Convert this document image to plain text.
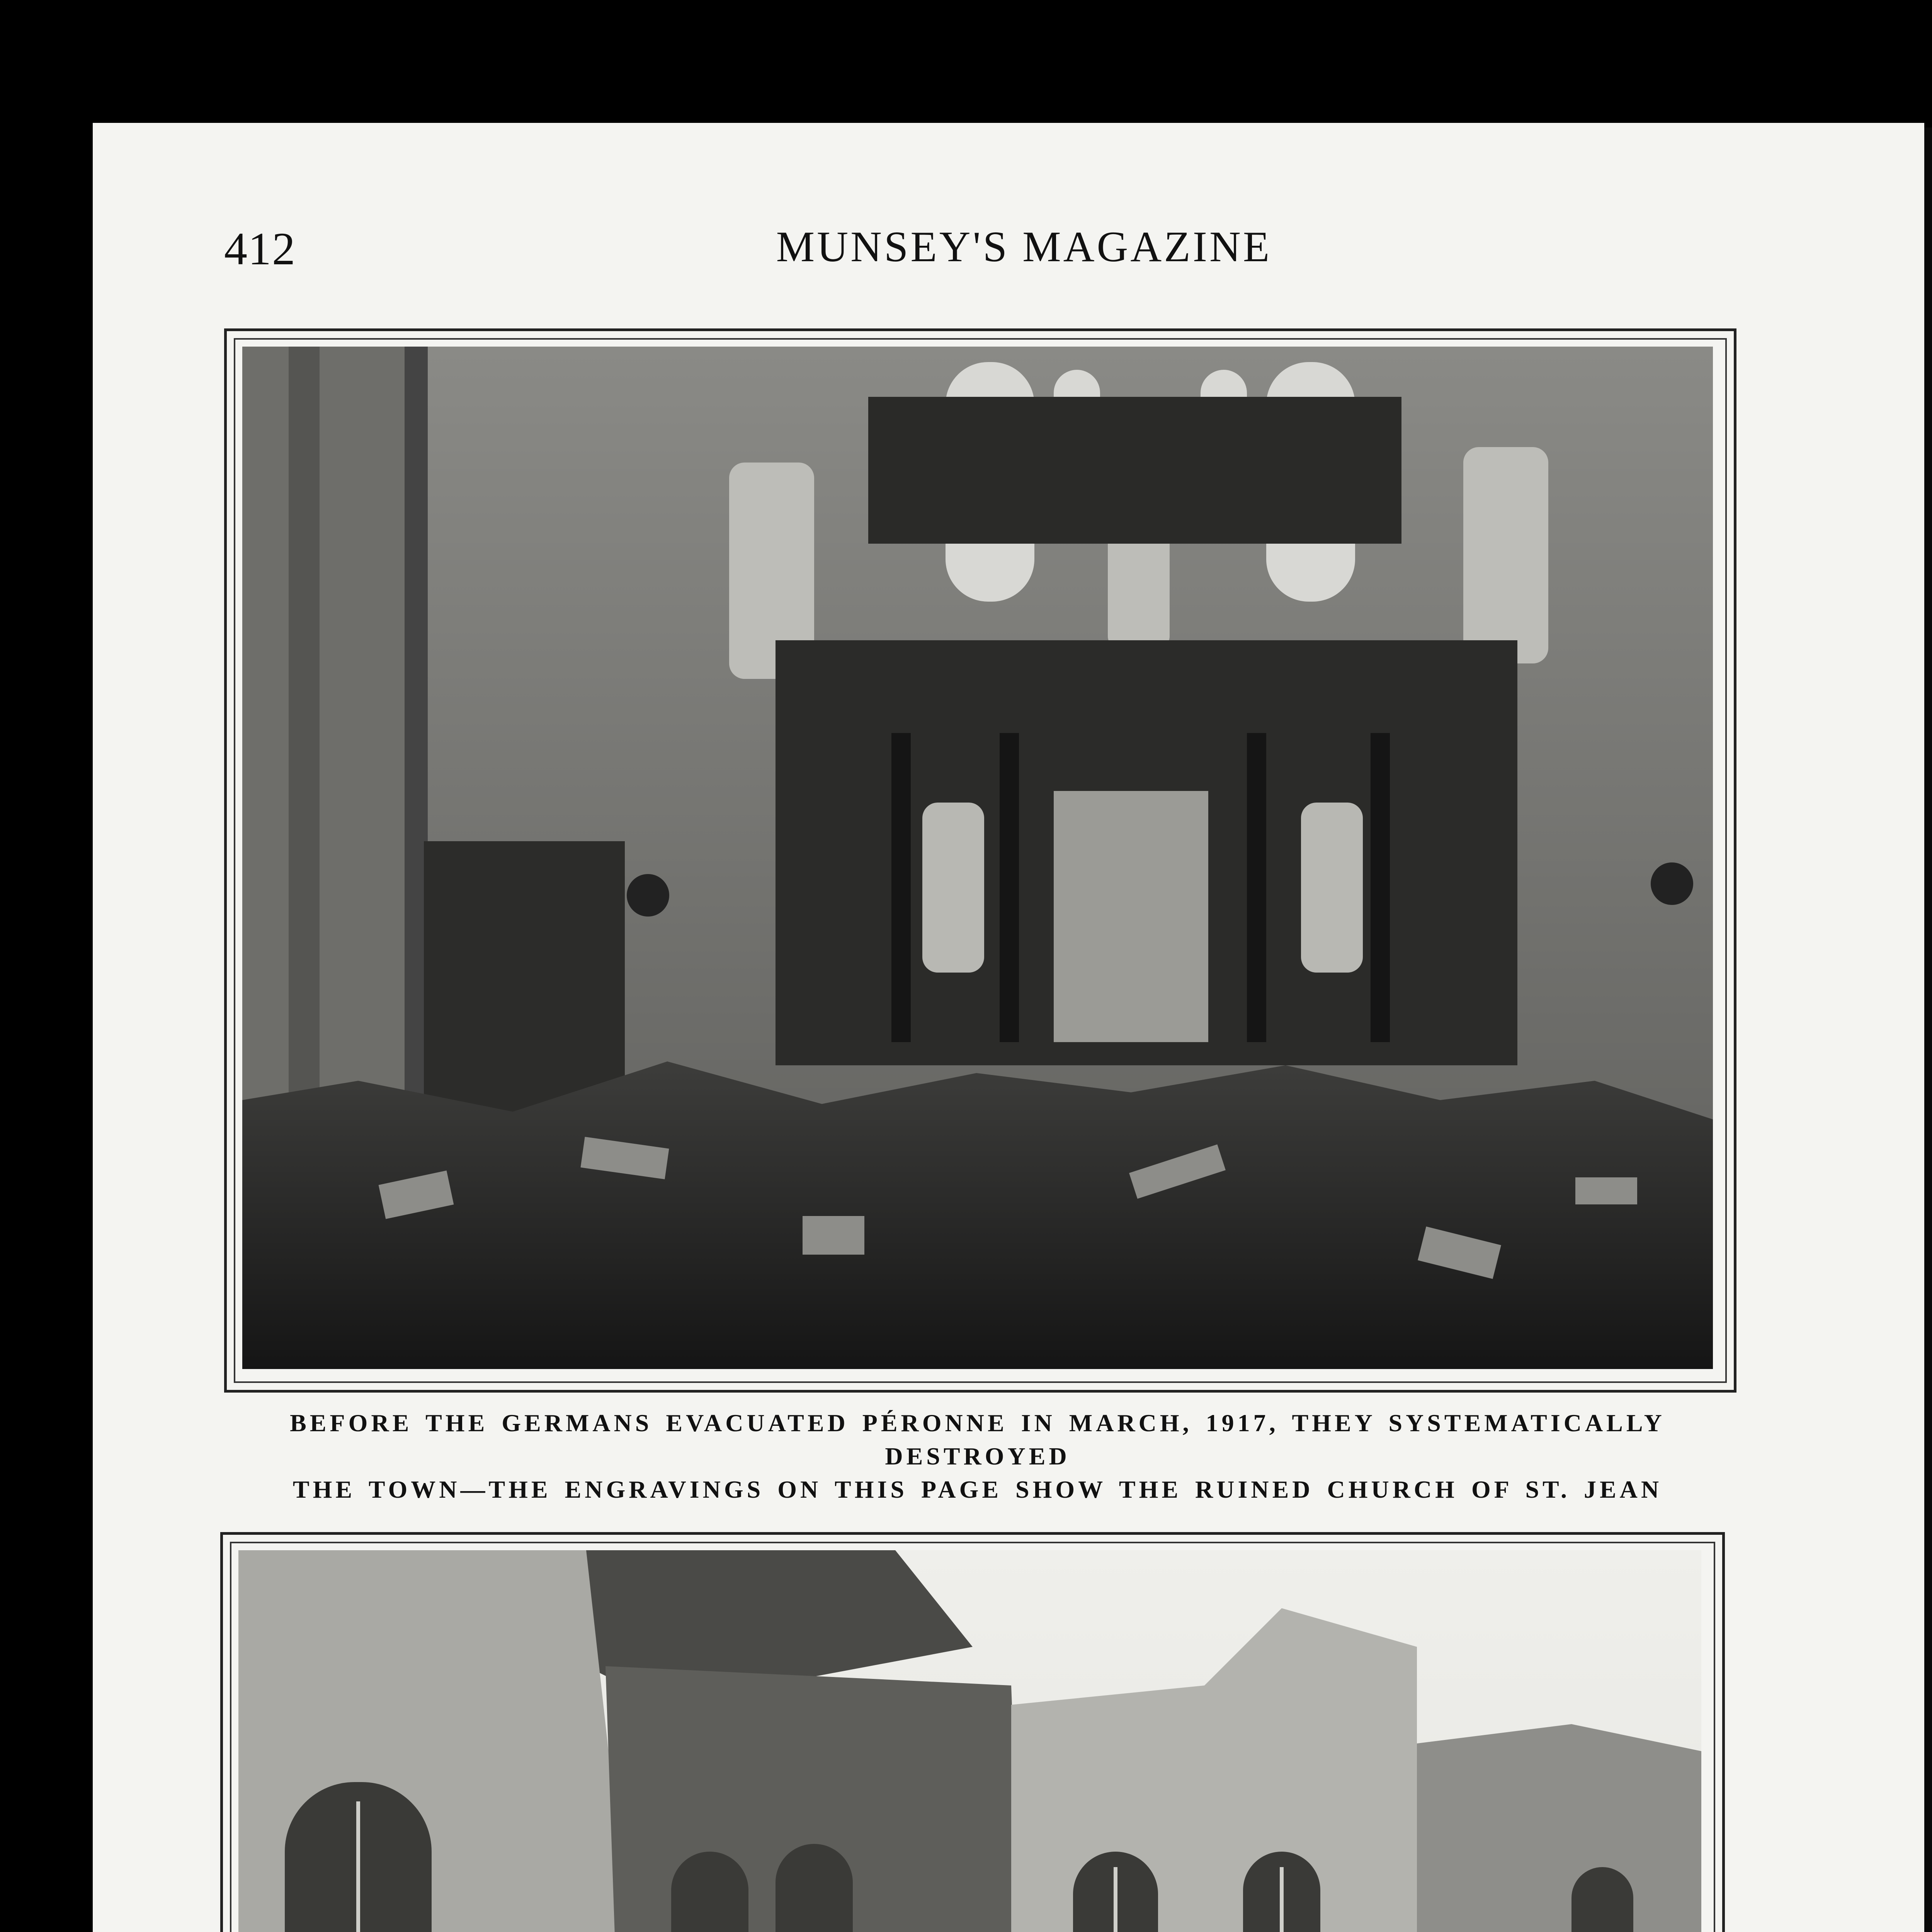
412	MUNSEY'S MAGAZINE
BEFORE THE GERMANS EVACUATED PÉRONNE IN MARCH, 1917, THEY SYSTEMATICALLY DESTROYED
THE TOWN—THE ENGRAVINGS ON THIS PAGE SHOW THE RUINED CHURCH OF ST. JEAN
